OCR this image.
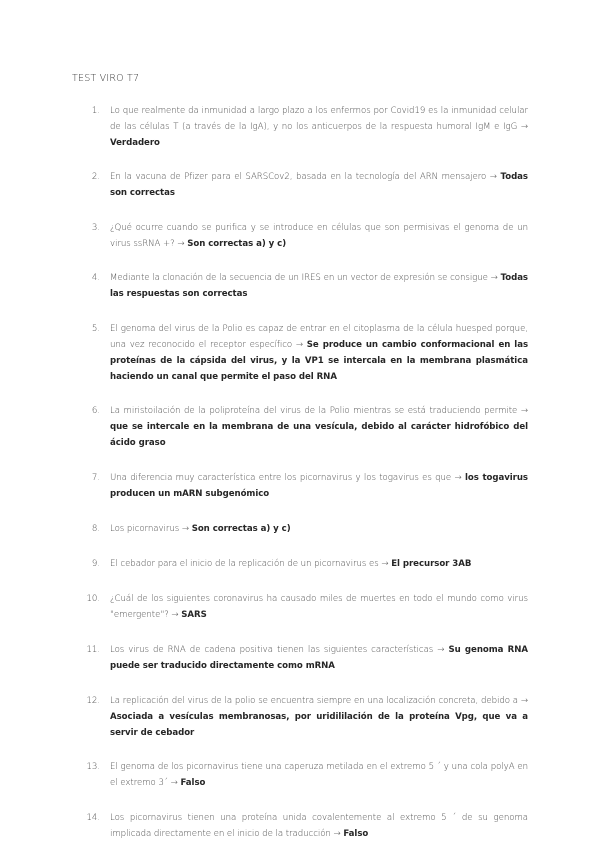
TEST VIRO T7
1. Lo que realmente da inmunidad a largo plazo a los enfermos por Covid19 es la inmunidad celular de las células T (a través de la IgA), y no los anticuerpos de la respuesta humoral IgM e IgG → Verdadero
2. En la vacuna de Pfizer para el SARSCov2, basada en la tecnología del ARN mensajero → Todas son correctas
3. ¿Qué ocurre cuando se purifica y se introduce en células que son permisivas el genoma de un virus ssRNA +? → Son correctas a) y c)
4. Mediante la clonación de la secuencia de un IRES en un vector de expresión se consigue → Todas las respuestas son correctas
5. El genoma del virus de la Polio es capaz de entrar en el citoplasma de la célula huesped porque, una vez reconocido el receptor específico → Se produce un cambio conformacional en las proteínas de la cápsida del virus, y la VP1 se intercala en la membrana plasmática haciendo un canal que permite el paso del RNA
6. La miristoilación de la poliproteína del virus de la Polio mientras se está traduciendo permite → que se intercale en la membrana de una vesícula, debido al carácter hidrofóbico del ácido graso
7. Una diferencia muy característica entre los picornavirus y los togavirus es que → los togavirus producen un mARN subgenómico
8. Los picornavirus → Son correctas a) y c)
9. El cebador para el inicio de la replicación de un picornavirus es → El precursor 3AB
10. ¿Cuál de los siguientes coronavirus ha causado miles de muertes en todo el mundo como virus "emergente"? → SARS
11. Los virus de RNA de cadena positiva tienen las siguientes características → Su genoma RNA puede ser traducido directamente como mRNA
12. La replicación del virus de la polio se encuentra siempre en una localización concreta, debido a → Asociada a vesículas membranosas, por uridililación de la proteína Vpg, que va a servir de cebador
13. El genoma de los picornavirus tiene una caperuza metilada en el extremo 5 ´ y una cola polyA en el extremo 3´ → Falso
14. Los picornavirus tienen una proteína unida covalentemente al extremo 5 ´ de su genoma implicada directamente en el inicio de la traducción → Falso
